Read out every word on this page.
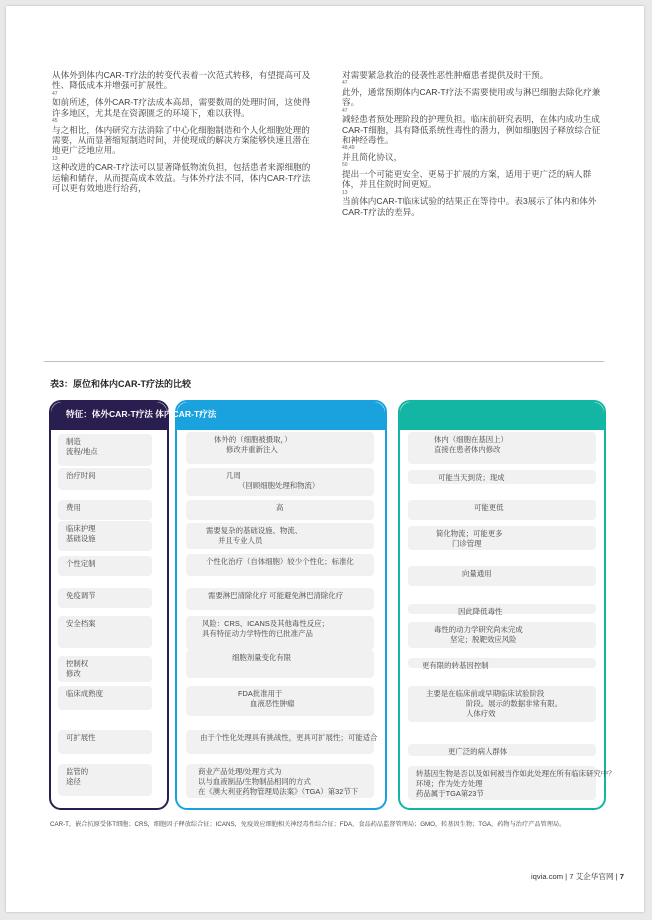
从体外到体内CAR-T疗法的转变代表着一次范式转移，有望提高可及性、降低成本并增强可扩展性。

47

如前所述，体外CAR-T疗法成本高昂，需要数周的处理时间，这使得许多地区，尤其是在资源匮乏的环境下，难以获得。

45

与之相比，体内研究方法消除了中心化细胞制造和个人化细胞处理的需要，从而显著缩短制造时间，并使现成的解决方案能够快速且潜在地更广泛地应用。

13

这种改进的CAR-T疗法可以显著降低物流负担，包括患者来源细胞的运输和储存，从而提高成本效益。与体外疗法不同，体内CAR-T疗法可以更有效地进行给药，

对需要紧急救治的侵袭性恶性肿瘤患者提供及时干预。

47

此外，通常预期体内CAR-T疗法不需要使用或与淋巴细胞去除化疗兼容。

47

减轻患者预处理阶段的护理负担。临床前研究表明，在体内成功生成CAR-T细胞，具有降低系统性毒性的潜力，例如细胞因子释放综合征和神经毒性。

48,49

并且简化协议，

50

提出一个可能更安全、更易于扩展的方案，适用于更广泛的病人群体，并且住院时间更短。

13

当前体内CAR-T临床试验的结果正在等待中。表3展示了体内和体外CAR-T疗法的差异。

表3：原位和体内CAR-T疗法的比较
特征：体外CAR-T疗法 体内CAR-T疗法
制造
流程/地点
治疗时间
费用
临床护理
基础设施
个性定制
免疫调节
安全档案
控制权
修改
临床成熟度
可扩展性
监管的
途径
体外的（细胞被摄取，）
修改并重新注入
几周
（回顾细胞处理和物流）
高
需要复杂的基础设施、物流、
并且专业人员
个性化治疗（自体细胞）较少个性化；标准化
需要淋巴清除化疗 可能避免淋巴清除化疗
风险：CRS、ICANS及其他毒性反应；
具有特征动力学特性的已批准产品
细胞剂量变化有限
FDA批准用于
血液恶性肿瘤
由于个性化处理具有挑战性，更具可扩展性；可能适合
商业产品处理/处理方式为
以与血液制品/生物制品相同的方式
在《澳大利亚药物管理局法案》（TGA）第32节下
体内（细胞在基因上）
直接在患者体内修改
可能当天到货；现成
可能更低
简化物流；可能更多
门诊管理
向量通用
因此降低毒性
毒性的动力学研究尚未完成
坚定；脱靶效应风险
更有限的转基因控制
主要是在临床前或早期临床试验阶段
阶段。展示的数据非常有限。
人体疗效
更广泛的病人群体
转基因生物是否以及如何被当作如此处理在所有临床研究中？
环境；作为处方处理
药品属于TGA第23节
CAR-T，嵌合抗原受体T细胞；CRS，细胞因子释放综合征；ICANS，免疫效应细胞相关神经毒性综合征；FDA，食品药品监督管理局；GMO，转基因生物；TGA，药物与治疗产品管理局。
iqvia.com | 7 艾企华官网 | 7
